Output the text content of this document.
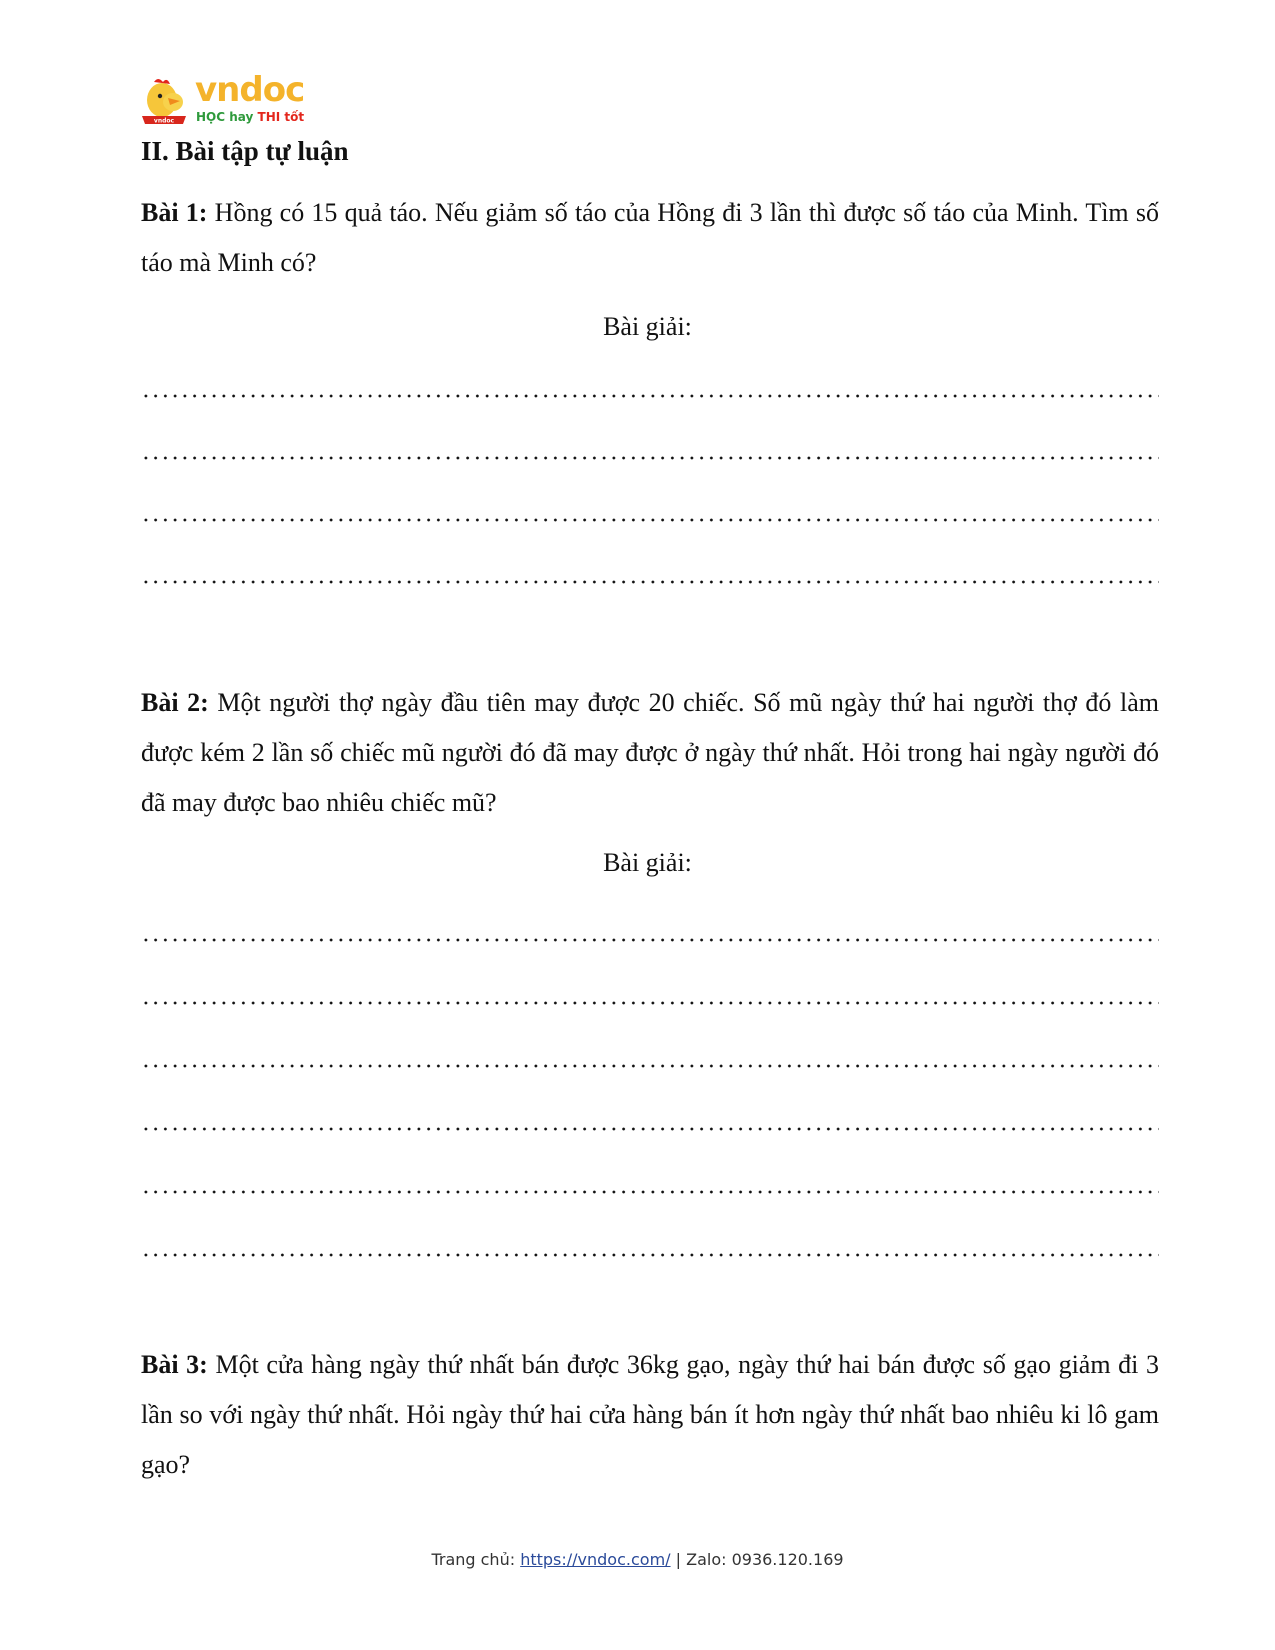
vndoc
vndoc
HỌC hay THI tốt
II. Bài tập tự luận

Bài 1: Hồng có 15 quả táo. Nếu giảm số táo của Hồng đi 3 lần thì được số táo của Minh. Tìm số táo mà Minh có?

Bài giải:

Bài 2: Một người thợ ngày đầu tiên may được 20 chiếc. Số mũ ngày thứ hai người thợ đó làm được kém 2 lần số chiếc mũ người đó đã may được ở ngày thứ nhất. Hỏi trong hai ngày người đó đã may được bao nhiêu chiếc mũ?

Bài giải:

Bài 3: Một cửa hàng ngày thứ nhất bán được 36kg gạo, ngày thứ hai bán được số gạo giảm đi 3 lần so với ngày thứ nhất. Hỏi ngày thứ hai cửa hàng bán ít hơn ngày thứ nhất bao nhiêu ki lô gam gạo?

Trang chủ: https://vndoc.com/ | Zalo: 0936.120.169
